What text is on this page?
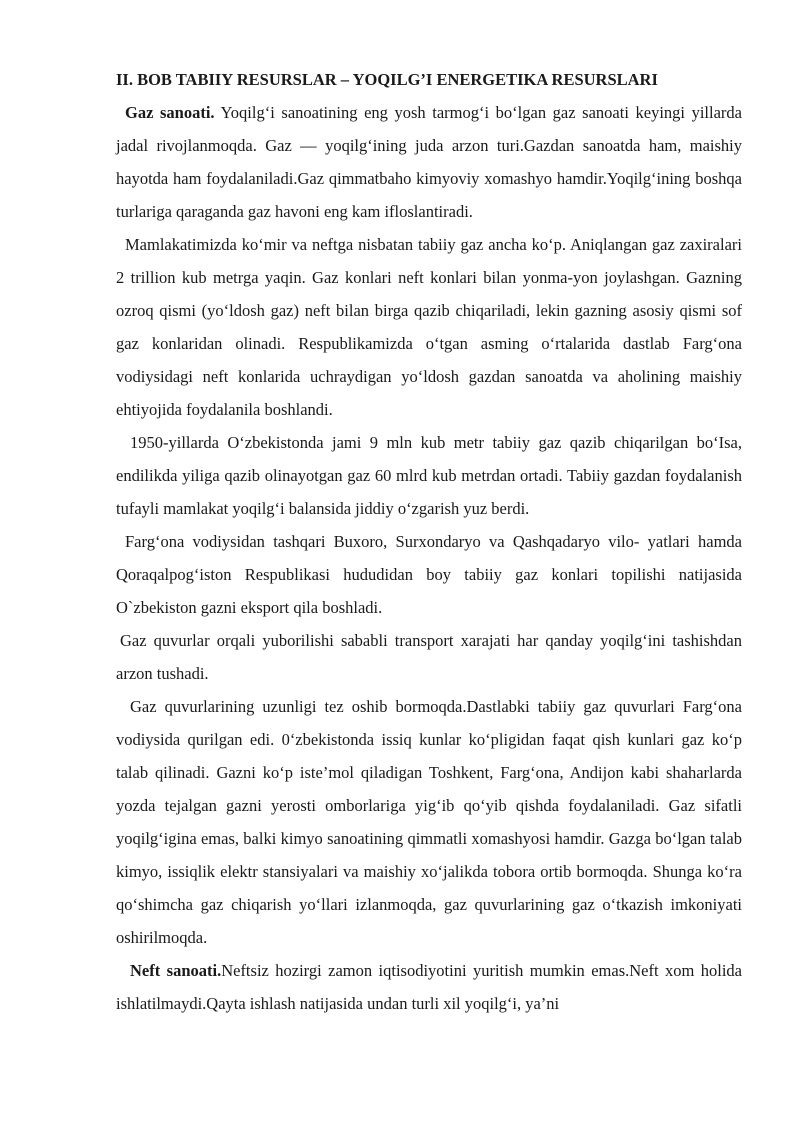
II. BOB TABIIY RESURSLAR – YOQILG’I ENERGETIKA RESURSLARI

Gaz sanoati. Yoqilg‘i sanoatining eng yosh tarmog‘i bo‘lgan gaz sanoati keyingi yillarda jadal rivojlanmoqda. Gaz — yoqilg‘ining juda arzon turi.Gazdan sanoatda ham, maishiy hayotda ham foydalaniladi.Gaz qimmatbaho kimyoviy xomashyo hamdir.Yoqilg‘ining boshqa turlariga qaraganda gaz havoni eng kam ifloslantiradi.

Mamlakatimizda ko‘mir va neftga nisbatan tabiiy gaz ancha ko‘p. Aniqlangan gaz zaxiralari 2 trillion kub metrga yaqin. Gaz konlari neft konlari bilan yonma-yon joylashgan. Gazning ozroq qismi (yo‘ldosh gaz) neft bilan birga qazib chiqariladi, lekin gazning asosiy qismi sof gaz konlaridan olinadi. Respublikamizda o‘tgan asming o‘rtalarida dastlab Farg‘ona vodiysidagi neft konlarida uchraydigan yo‘ldosh gazdan sanoatda va aholining maishiy ehtiyojida foydalanila boshlandi.

1950-yillarda O‘zbekistonda jami 9 mln kub metr tabiiy gaz qazib chiqarilgan bo‘Isa, endilikda yiliga qazib olinayotgan gaz 60 mlrd kub metrdan ortadi. Tabiiy gazdan foydalanish tufayli mamlakat yoqilg‘i balansida jiddiy o‘zgarish yuz berdi.

Farg‘ona vodiysidan tashqari Buxoro, Surxondaryo va Qashqadaryo vilo- yatlari hamda Qoraqalpog‘iston Respublikasi hududidan boy tabiiy gaz konlari topilishi natijasida O`zbekiston gazni eksport qila boshladi.

Gaz quvurlar orqali yuborilishi sababli transport xarajati har qanday yoqilg‘ini tashishdan arzon tushadi.

Gaz quvurlarining uzunligi tez oshib bormoqda.Dastlabki tabiiy gaz quvurlari Farg‘ona vodiysida qurilgan edi. 0‘zbekistonda issiq kunlar ko‘pligidan faqat qish kunlari gaz ko‘p talab qilinadi. Gazni ko‘p iste’mol qiladigan Toshkent, Farg‘ona, Andijon kabi shaharlarda yozda tejalgan gazni yerosti omborlariga yig‘ib qo‘yib qishda foydalaniladi. Gaz sifatli yoqilg‘igina emas, balki kimyo sanoatining qimmatli xomashyosi hamdir. Gazga bo‘lgan talab kimyo, issiqlik elektr stansiyalari va maishiy xo‘jalikda tobora ortib bormoqda. Shunga ko‘ra qo‘shimcha gaz chiqarish yo‘llari izlanmoqda, gaz quvurlarining gaz o‘tkazish imkoniyati oshirilmoqda.

Neft sanoati.Neftsiz hozirgi zamon iqtisodiyotini yuritish mumkin emas.Neft xom holida ishlatilmaydi.Qayta ishlash natijasida undan turli xil yoqilg‘i, ya’ni
